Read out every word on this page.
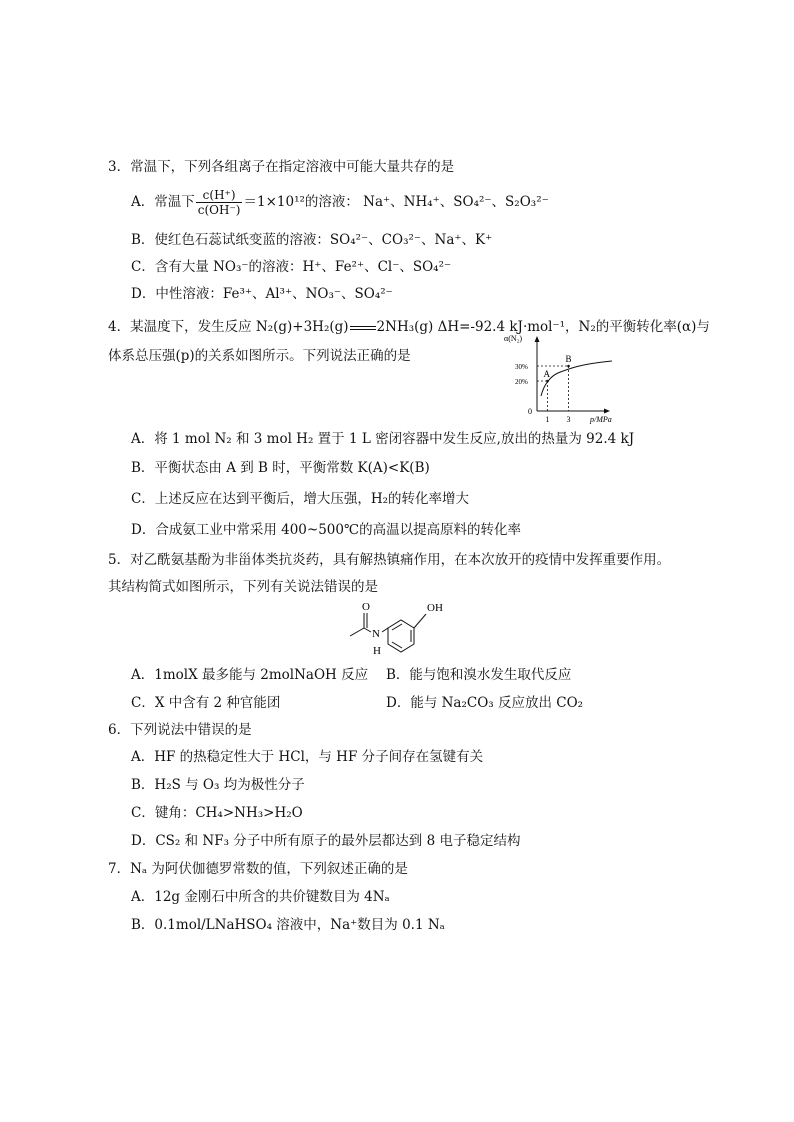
3．常温下，下列各组离子在指定溶液中可能大量共存的是
A．常温下 $\frac{c(H^+)}{c(OH^-)} =1\times 10^{12}$的溶液： Na⁺、NH₄⁺、SO₄²⁻、S₂O₃²⁻
B．使红色石蕊试纸变蓝的溶液：SO₄²⁻、CO₃²⁻、Na⁺、K⁺
C．含有大量 NO₃⁻的溶液：H⁺、Fe²⁺、Cl⁻、SO₄²⁻
D．中性溶液：Fe³⁺、Al³⁺、NO₃⁻、SO₄²⁻
4．某温度下，发生反应 N₂(g)+3H₂(g) 2NH₃(g) ΔH=-92.4 kJ·mol⁻¹，N₂的平衡转化率(α)与
体系总压强(p)的关系如图所示。下列说法正确的是
α(N₂)
p/MPa
0
A
B
1 3
20%
30%
A．将 1 mol N₂ 和 3 mol H₂ 置于 1 L 密闭容器中发生反应,放出的热量为 92.4 kJ
B．平衡状态由 A 到 B 时，平衡常数 K(A)<K(B)
C．上述反应在达到平衡后，增大压强，H₂的转化率增大
D．合成氨工业中常采用 400~500℃的高温以提高原料的转化率
5．对乙酰氨基酚为非甾体类抗炎药，具有解热镇痛作用，在本次放开的疫情中发挥重要作用。
其结构简式如图所示，下列有关说法错误的是
O
N
H
OH
A．1molX 最多能与 2molNaOH 反应 B．能与饱和溴水发生取代反应
C．X 中含有 2 种官能团	D．能与 Na₂CO₃ 反应放出 CO₂
6．下列说法中错误的是
A．HF 的热稳定性大于 HCl，与 HF 分子间存在氢键有关
B．H₂S 与 O₃ 均为极性分子
C．键角：CH₄>NH₃>H₂O
D．CS₂ 和 NF₃ 分子中所有原子的最外层都达到 8 电子稳定结构
7．Nₐ 为阿伏伽德罗常数的值，下列叙述正确的是
A．12g 金刚石中所含的共价键数目为 4Nₐ
B．0.1mol/LNaHSO₄ 溶液中，Na⁺数目为 0.1 Nₐ
